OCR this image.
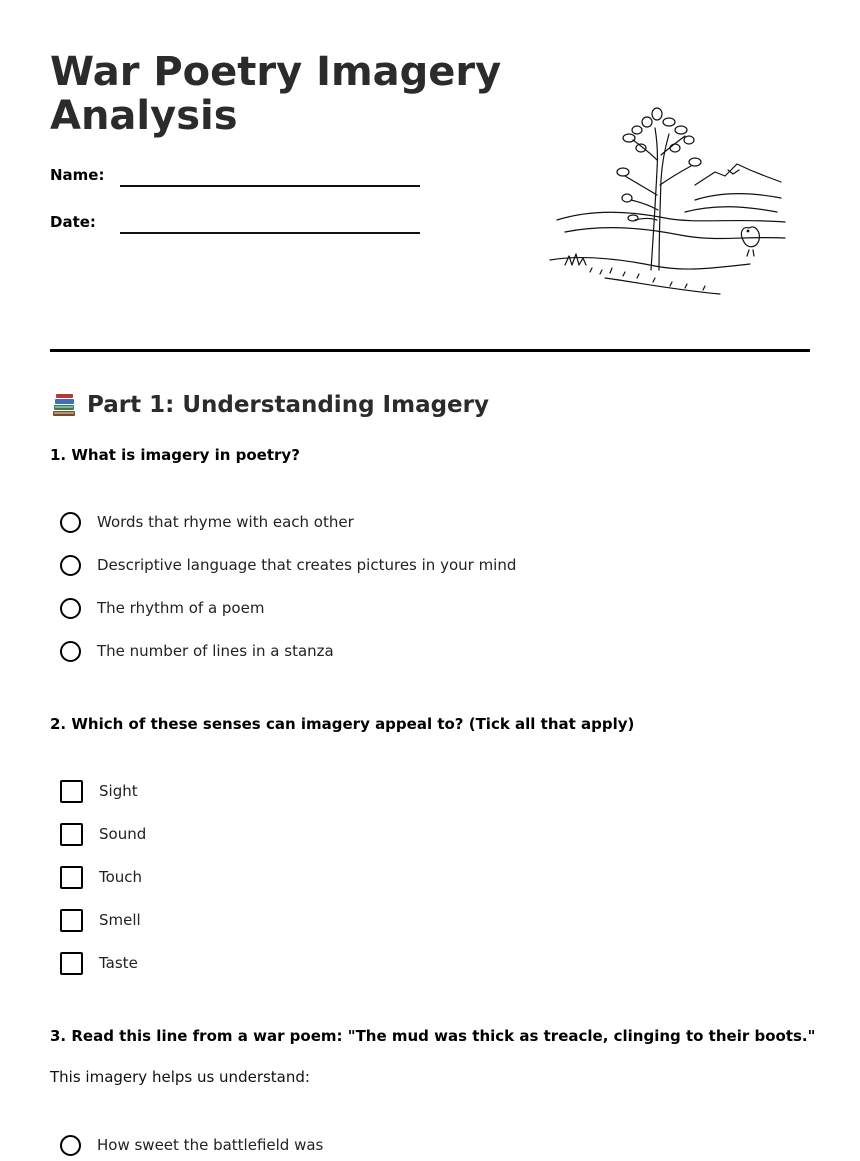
War Poetry Imagery Analysis
Name:
Date:
Part 1: Understanding Imagery
1. What is imagery in poetry?
Words that rhyme with each other
Descriptive language that creates pictures in your mind
The rhythm of a poem
The number of lines in a stanza
2. Which of these senses can imagery appeal to? (Tick all that apply)
Sight
Sound
Touch
Smell
Taste
3. Read this line from a war poem: "The mud was thick as treacle, clinging to their boots."
This imagery helps us understand:
How sweet the battlefield was
